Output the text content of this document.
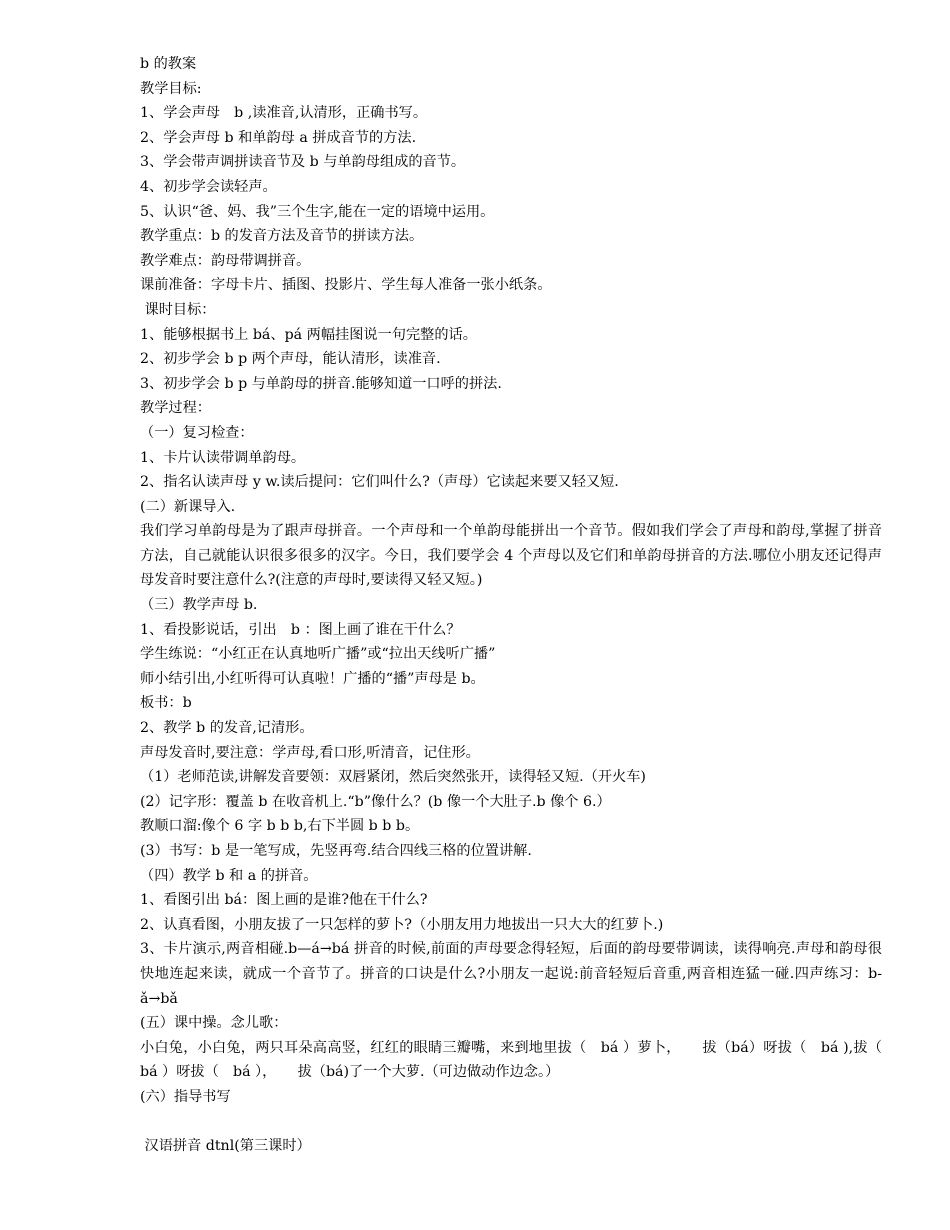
b 的教案
教学目标:
1、学会声母　b ,读准音,认清形，正确书写。
2、学会声母 b 和单韵母 a 拼成音节的方法.
3、学会带声调拼读音节及 b 与单韵母组成的音节。
4、初步学会读轻声。
5、认识“爸、妈、我”三个生字,能在一定的语境中运用。
教学重点：b 的发音方法及音节的拼读方法。
教学难点：韵母带调拼音。
课前准备：字母卡片、插图、投影片、学生每人准备一张小纸条。
课时目标：
1、能够根据书上 bá、pá 两幅挂图说一句完整的话。
2、初步学会 b p 两个声母，能认清形，读准音.
3、初步学会 b p 与单韵母的拼音.能够知道一口呼的拼法.
教学过程：
（一）复习检查：
1、卡片认读带调单韵母。
2、指名认读声母 y w.读后提问：它们叫什么?（声母）它读起来要又轻又短.
(二）新课导入.
我们学习单韵母是为了跟声母拼音。一个声母和一个单韵母能拼出一个音节。假如我们学会了声母和韵母,掌握了拼音方法，自己就能认识很多很多的汉字。今日，我们要学会 4 个声母以及它们和单韵母拼音的方法.哪位小朋友还记得声母发音时要注意什么?(注意的声母时,要读得又轻又短。)
（三）教学声母 b.
1、看投影说话，引出　b ：图上画了谁在干什么？
学生练说：“小红正在认真地听广播”或“拉出天线听广播”
师小结引出,小红听得可认真啦！广播的“播”声母是 b。
板书：b
2、教学 b 的发音,记清形。
声母发音时,要注意：学声母,看口形,听清音，记住形。
（1）老师范读,讲解发音要领：双唇紧闭，然后突然张开，读得轻又短.（开火车)
(2）记字形：覆盖 b 在收音机上.“b”像什么？(b 像一个大肚子.b 像个 6.）
教顺口溜:像个 6 字 b b b,右下半圆 b b b。
(3）书写：b 是一笔写成，先竖再弯.结合四线三格的位置讲解.
（四）教学 b 和 a 的拼音。
1、看图引出 bá：图上画的是谁?他在干什么?
2、认真看图，小朋友拔了一只怎样的萝卜?（小朋友用力地拔出一只大大的红萝卜.)
3、卡片演示,两音相碰.b—á→bá 拼音的时候,前面的声母要念得轻短，后面的韵母要带调读，读得响亮.声母和韵母很快地连起来读，就成一个音节了。拼音的口诀是什么?小朋友一起说:前音轻短后音重,两音相连猛一碰.四声练习：b-ǎ→bǎ
(五）课中操。念儿歌：
小白兔，小白兔，两只耳朵高高竖，红红的眼睛三瓣嘴，来到地里拔（　bá ）萝卜，　　拔（bá）呀拔（　bá ),拔（　bá ）呀拔（　bá ），　　拔（bá)了一个大萝.（可边做动作边念。）
(六）指导书写
汉语拼音 dtnl(第三课时）
